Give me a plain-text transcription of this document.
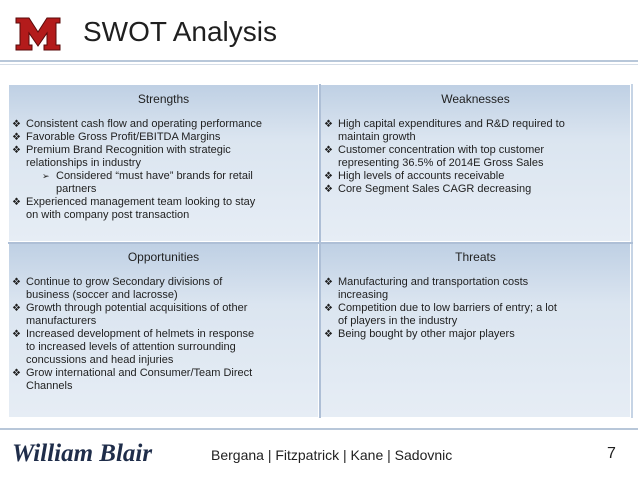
SWOT Analysis
Strengths
❖ Consistent cash flow and operating performance
❖ Favorable Gross Profit/EBITDA Margins
❖ Premium Brand Recognition with strategic
relationships in industry
➢ Considered “must have” brands for retail
partners
❖ Experienced management team looking to stay
on with company post transaction
Weaknesses
❖ High capital expenditures and R&D required to
maintain growth
❖ Customer concentration with top customer
representing 36.5% of 2014E Gross Sales
❖ High levels of accounts receivable
❖ Core Segment Sales CAGR decreasing
Opportunities
❖ Continue to grow Secondary divisions of
business (soccer and lacrosse)
❖ Growth through potential acquisitions of other
manufacturers
❖ Increased development of helmets in response
to increased levels of attention surrounding
concussions and head injuries
❖ Grow international and Consumer/Team Direct
Channels
Threats
❖ Manufacturing and transportation costs
increasing
❖ Competition due to low barriers of entry; a lot
of players in the industry
❖ Being bought by other major players
William Blair	Bergana | Fitzpatrick | Kane | Sadovnic	7
